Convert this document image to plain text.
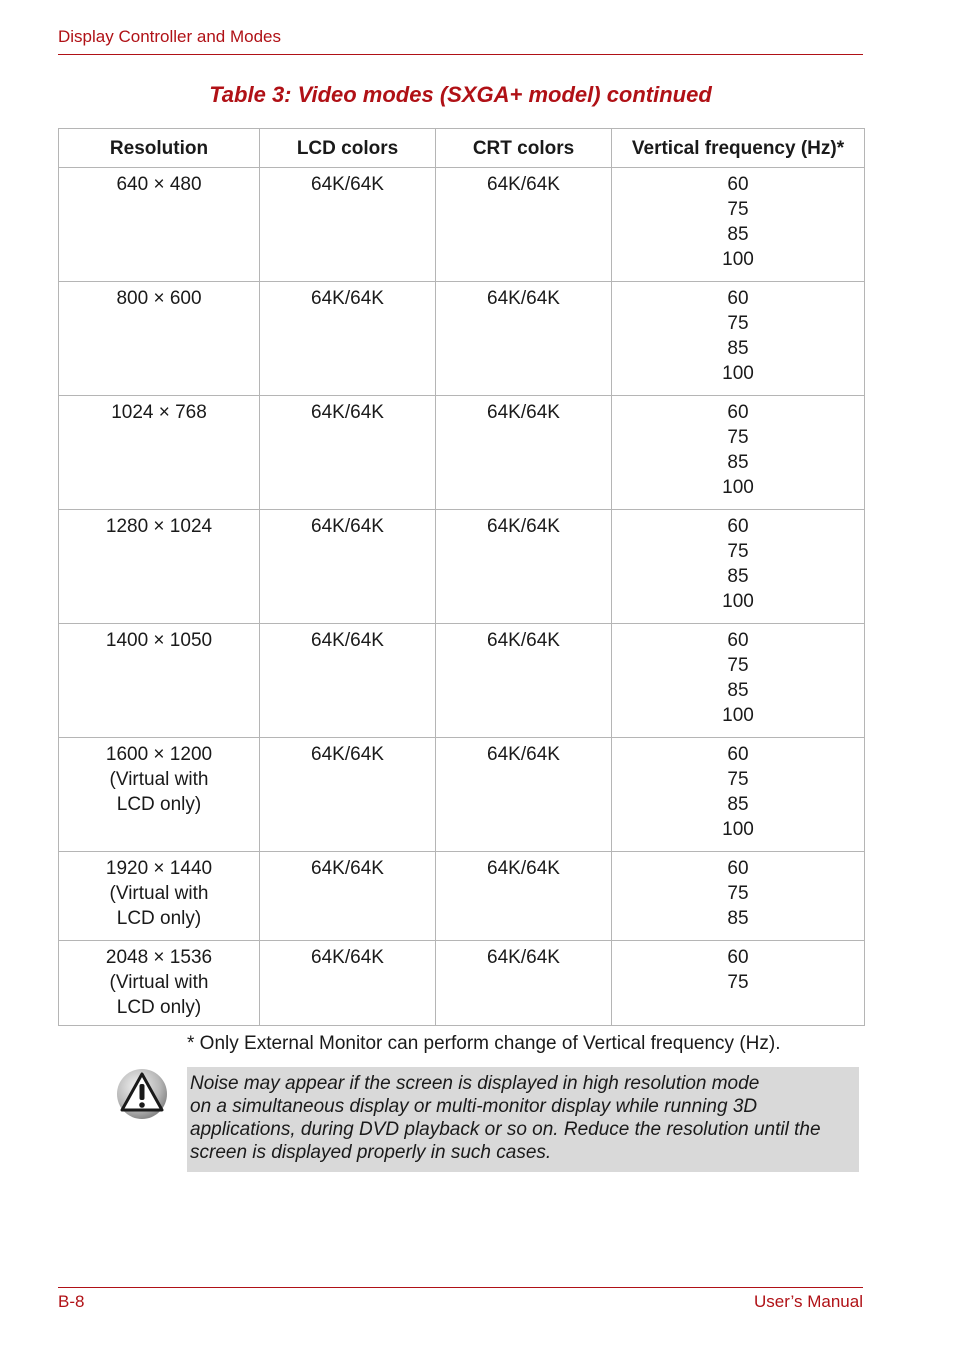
Display Controller and Modes
Table 3: Video modes (SXGA+ model) continued
Resolution	LCD colors	CRT colors	Vertical frequency (Hz)*

640 × 480	64K/64K	64K/64K	60
75
85
100

800 × 600	64K/64K	64K/64K	60
75
85
100

1024 × 768	64K/64K	64K/64K	60
75
85
100

1280 × 1024	64K/64K	64K/64K	60
75
85
100

1400 × 1050	64K/64K	64K/64K	60
75
85
100

1600 × 1200
(Virtual with
LCD only)	64K/64K	64K/64K	60
75
85
100

1920 × 1440
(Virtual with
LCD only)	64K/64K	64K/64K	60
75
85

2048 × 1536
(Virtual with
LCD only)	64K/64K	64K/64K	60
75
* Only External Monitor can perform change of Vertical frequency (Hz).
Noise may appear if the screen is displayed in high resolution mode
on a simultaneous display or multi-monitor display while running 3D
applications, during DVD playback or so on. Reduce the resolution until the
screen is displayed properly in such cases.
B-8	User’s Manual
